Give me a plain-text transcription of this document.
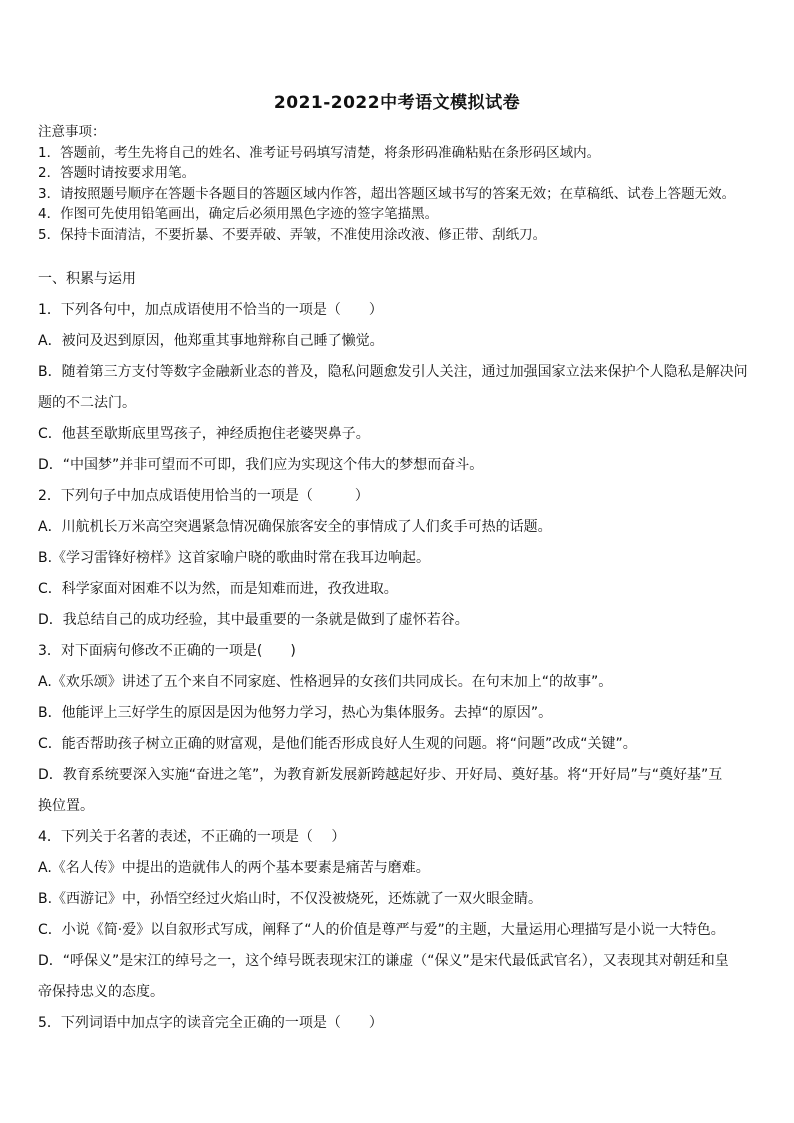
2021-2022中考语文模拟试卷
注意事项：
1．答题前，考生先将自己的姓名、准考证号码填写清楚，将条形码准确粘贴在条形码区域内。
2．答题时请按要求用笔。
3．请按照题号顺序在答题卡各题目的答题区域内作答，超出答题区域书写的答案无效；在草稿纸、试卷上答题无效。
4．作图可先使用铅笔画出，确定后必须用黑色字迹的签字笔描黑。
5．保持卡面清洁，不要折暴、不要弄破、弄皱，不准使用涂改液、修正带、刮纸刀。
一、积累与运用
1．下列各句中，加点成语使用不恰当的一项是（　　）
A．被问及迟到原因，他郑重其事地辩称自己睡了懒觉。
B．随着第三方支付等数字金融新业态的普及，隐私问题愈发引人关注，通过加强国家立法来保护个人隐私是解决问
题的不二法门。
C．他甚至歇斯底里骂孩子，神经质抱住老婆哭鼻子。
D．“中国梦”并非可望而不可即，我们应为实现这个伟大的梦想而奋斗。
2．下列句子中加点成语使用恰当的一项是（　　　）
A．川航机长万米高空突遇紧急情况确保旅客安全的事情成了人们炙手可热的话题。
B.《学习雷锋好榜样》这首家喻户晓的歌曲时常在我耳边响起。
C．科学家面对困难不以为然，而是知难而进，孜孜进取。
D．我总结自己的成功经验，其中最重要的一条就是做到了虚怀若谷。
3．对下面病句修改不正确的一项是(　　)
A.《欢乐颂》讲述了五个来自不同家庭、性格迥异的女孩们共同成长。在句末加上“的故事”。
B．他能评上三好学生的原因是因为他努力学习，热心为集体服务。去掉“的原因”。
C．能否帮助孩子树立正确的财富观，是他们能否形成良好人生观的问题。将“问题”改成“关键”。
D．教育系统要深入实施“奋进之笔”，为教育新发展新跨越起好步、开好局、奠好基。将“开好局”与“奠好基”互
换位置。
4．下列关于名著的表述，不正确的一项是（　 ）
A.《名人传》中提出的造就伟人的两个基本要素是痛苦与磨难。
B.《西游记》中，孙悟空经过火焰山时，不仅没被烧死，还炼就了一双火眼金睛。
C．小说《简·爱》以自叙形式写成，阐释了“人的价值是尊严与爱”的主题，大量运用心理描写是小说一大特色。
D．“呼保义”是宋江的绰号之一，这个绰号既表现宋江的谦虚（“保义”是宋代最低武官名），又表现其对朝廷和皇
帝保持忠义的态度。
5．下列词语中加点字的读音完全正确的一项是（　　）
